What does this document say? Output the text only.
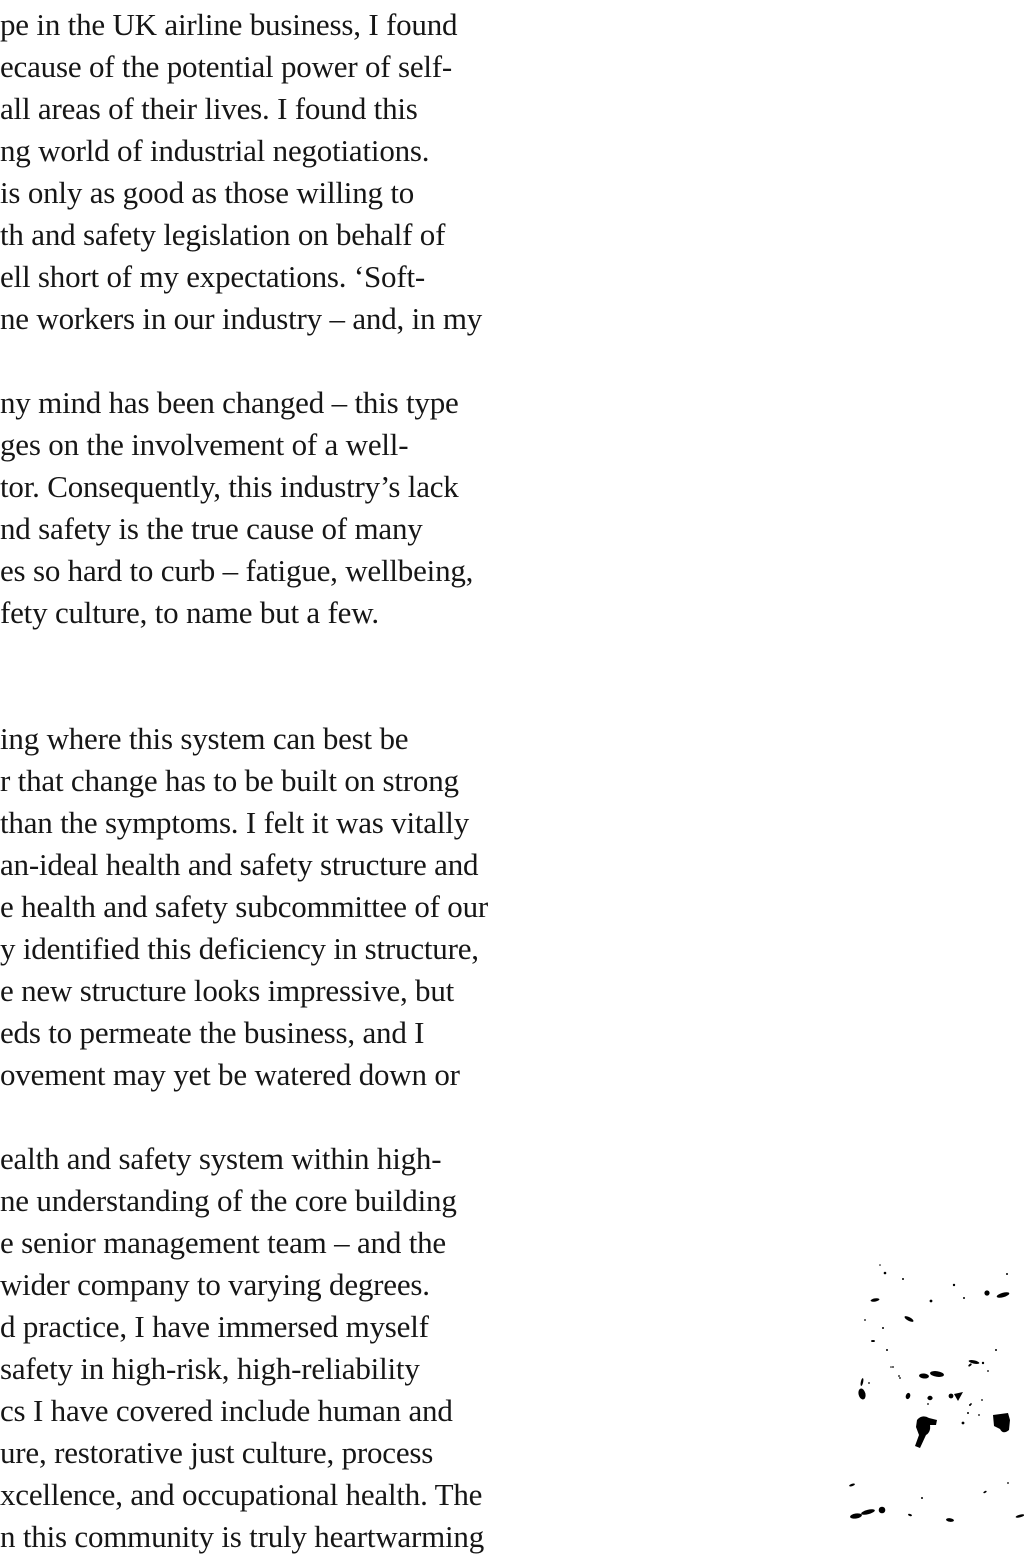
pe in the UK airline business, I found
ecause of the potential power of self-
all areas of their lives. I found this
ng world of industrial negotiations.
is only as good as those willing to
th and safety legislation on behalf of
ell short of my expectations. ‘Soft-
ne workers in our industry – and, in my
ny mind has been changed – this type
ges on the involvement of a well-
tor. Consequently, this industry’s lack
nd safety is the true cause of many
es so hard to curb – fatigue, wellbeing,
fety culture, to name but a few.
ing where this system can best be
r that change has to be built on strong
than the symptoms. I felt it was vitally
an-ideal health and safety structure and
e health and safety subcommittee of our
y identified this deficiency in structure,
e new structure looks impressive, but
eds to permeate the business, and I
ovement may yet be watered down or
ealth and safety system within high-
ne understanding of the core building
e senior management team – and the
wider company to varying degrees.
d practice, I have immersed myself
safety in high-risk, high-reliability
cs I have covered include human and
ure, restorative just culture, process
xcellence, and occupational health. The
n this community is truly heartwarming
